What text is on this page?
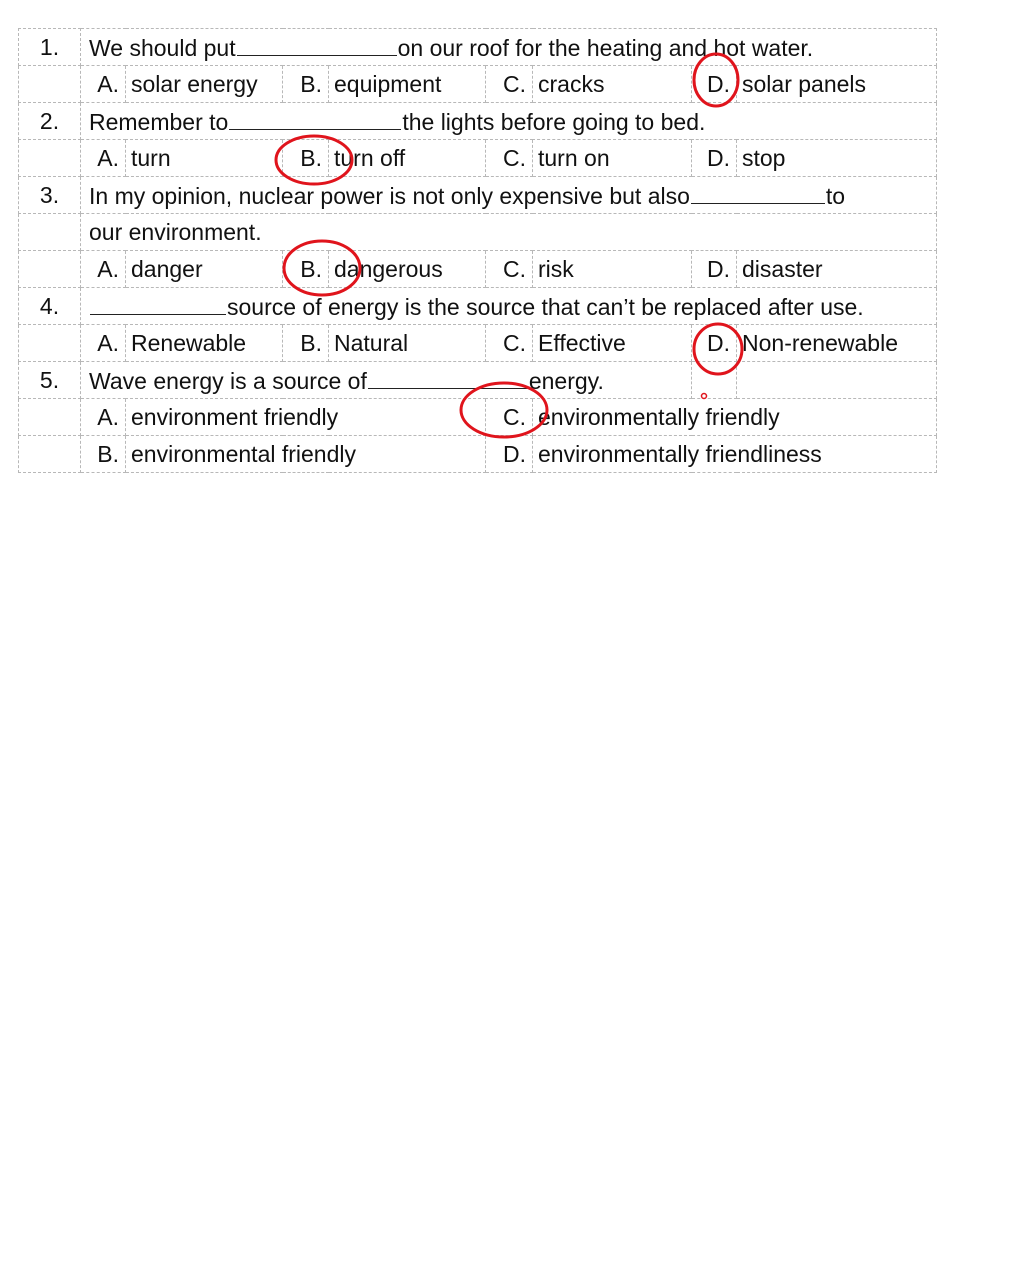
1.	We should put on our roof for the heating and hot water.							
	A.	solar energy	B.	equipment	C.	cracks	D.	solar panels
2.	Remember to the lights before going to bed.							
	A.	turn	B.	turn off	C.	turn on	D.	stop
3.	In my opinion, nuclear power is not only expensive but also to							
	our environment.							
	A.	danger	B.	dangerous	C.	risk	D.	disaster
4.	source of energy is the source that can’t be replaced after use.							
	A.	Renewable	B.	Natural	C.	Effective	D.	Non-renewable
5.	Wave energy is a source of energy.							
	A.	environment friendly			C.	environmentally friendly		
	B.	environmental friendly			D.	environmentally friendliness		
